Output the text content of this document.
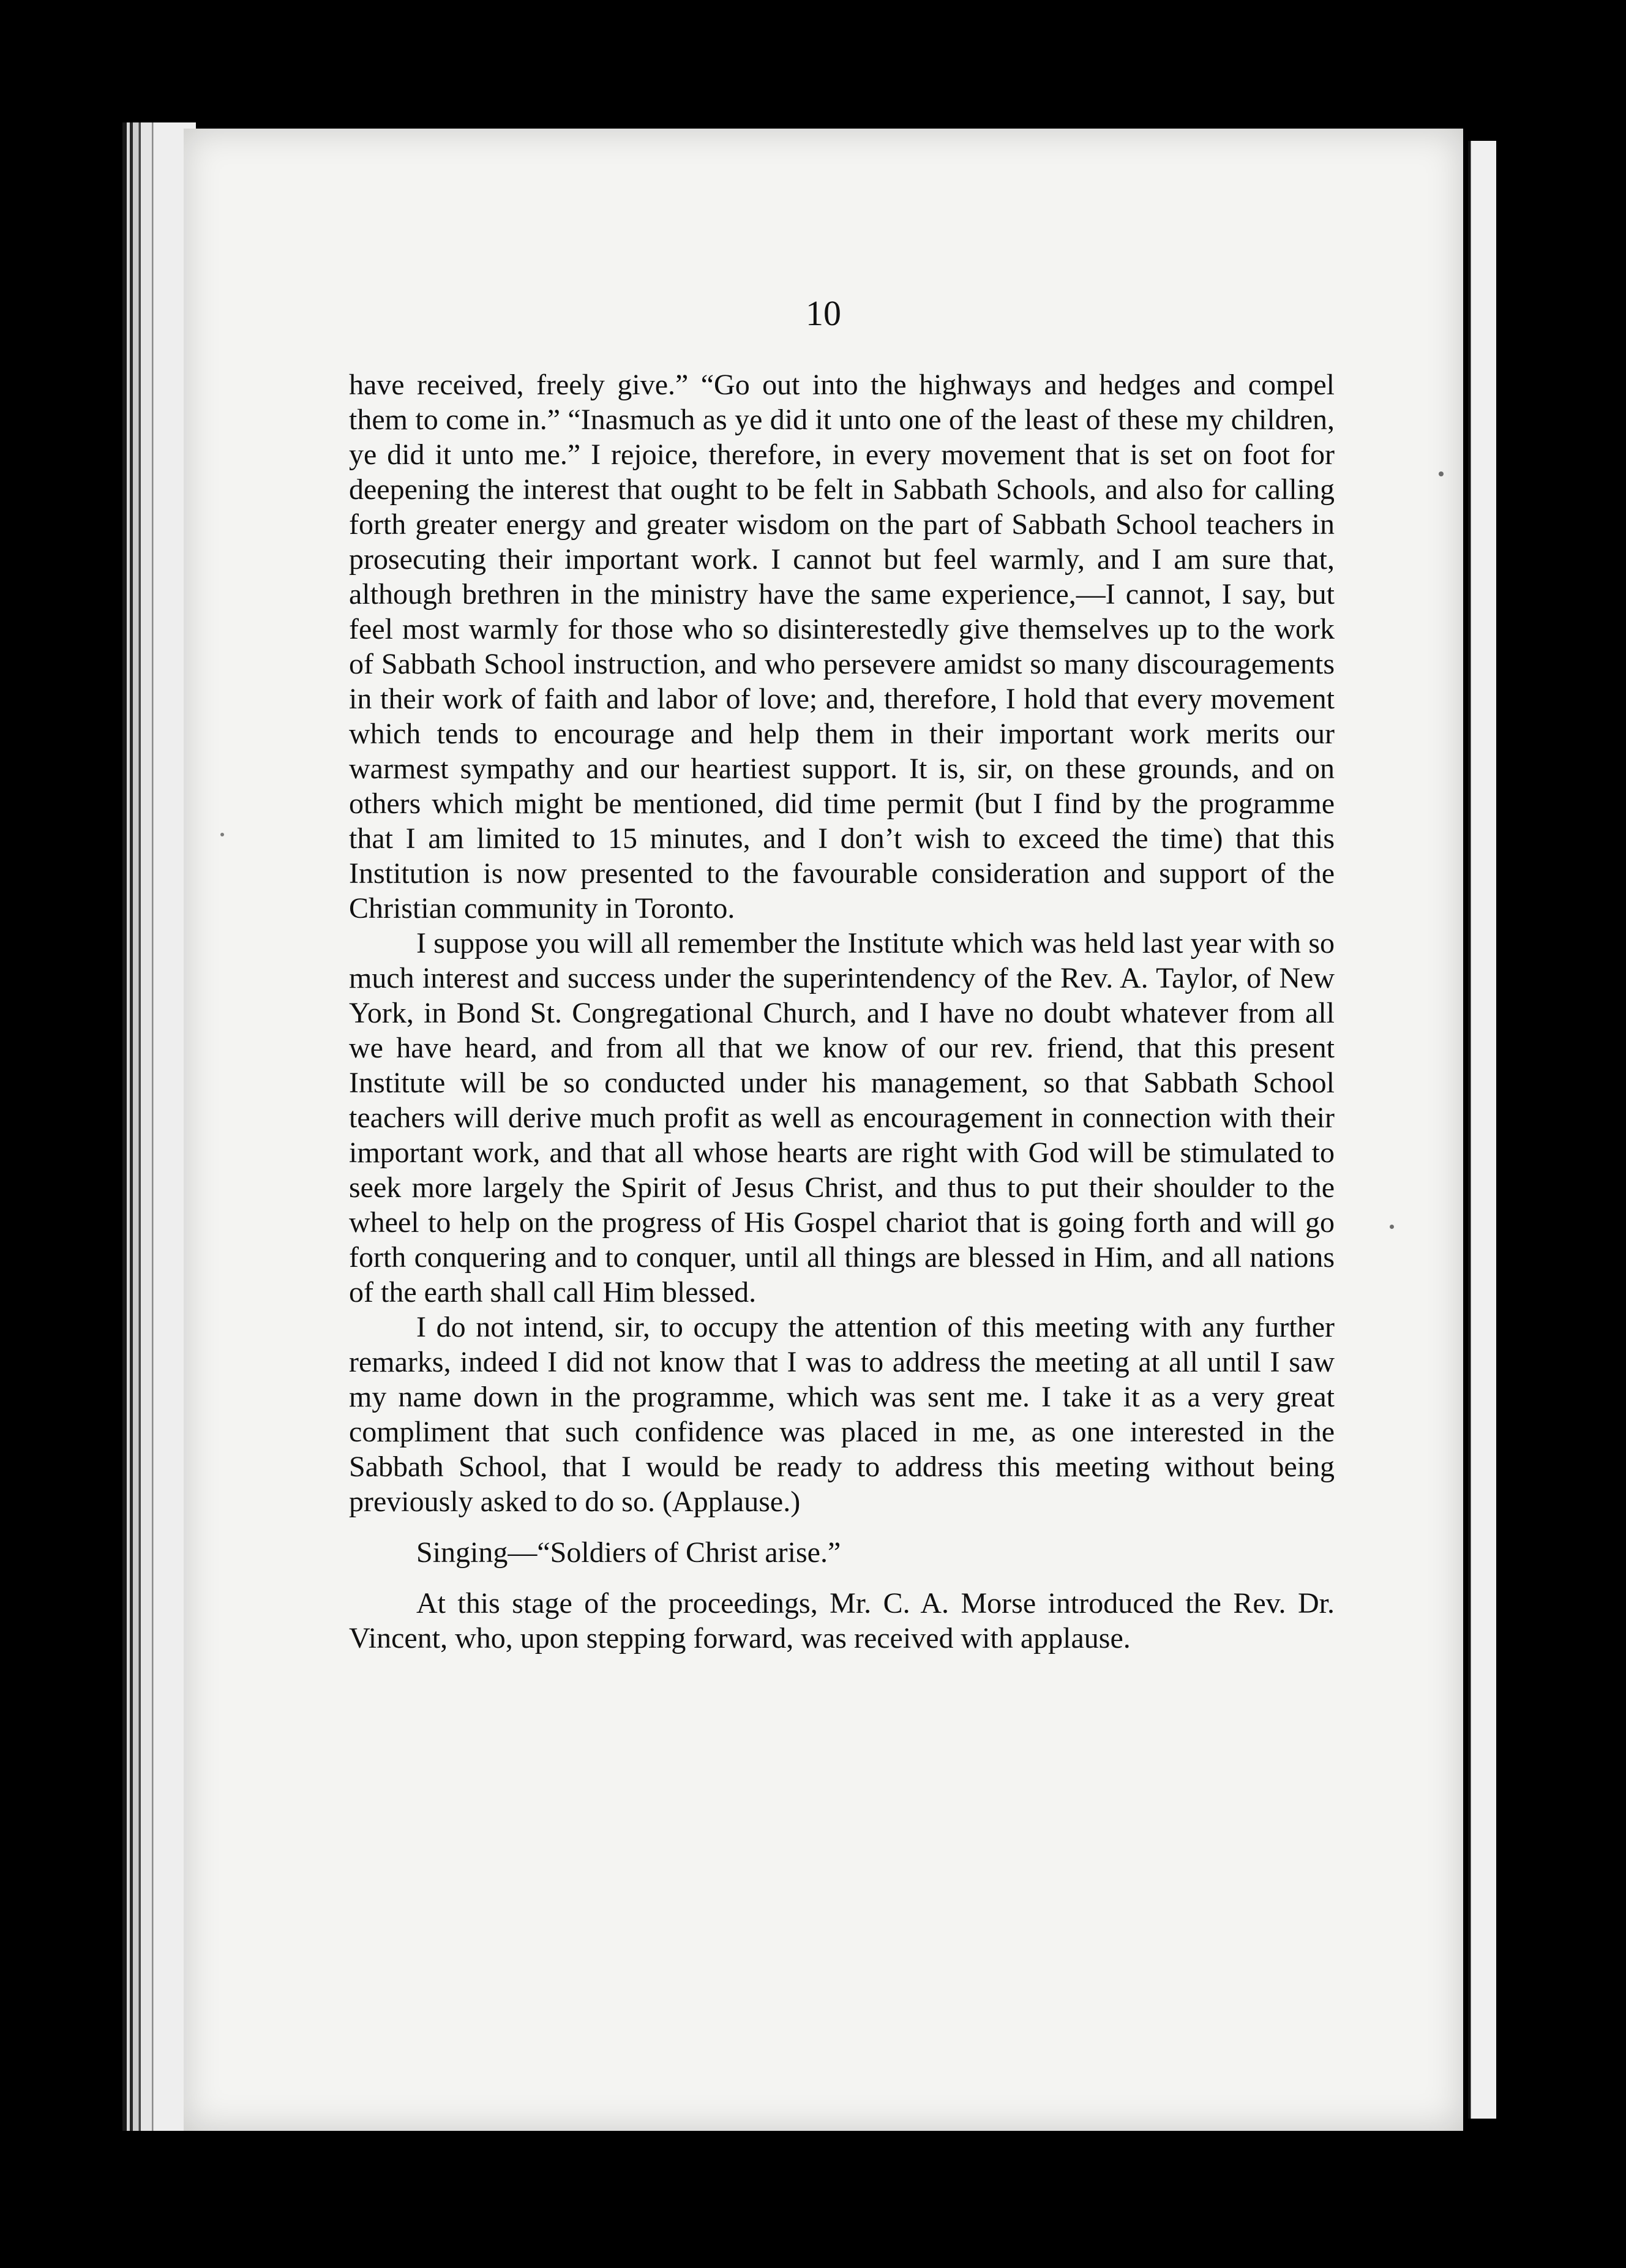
10

have received, freely give.” “Go out into the highways and hedges and compel them to come in.” “Inasmuch as ye did it unto one of the least of these my children, ye did it unto me.” I rejoice, therefore, in every movement that is set on foot for deepening the interest that ought to be felt in Sabbath Schools, and also for calling forth greater energy and greater wisdom on the part of Sabbath School teachers in prosecuting their important work. I cannot but feel warmly, and I am sure that, although brethren in the ministry have the same experience,—I cannot, I say, but feel most warmly for those who so disinterestedly give themselves up to the work of Sabbath School instruction, and who persevere amidst so many discouragements in their work of faith and labor of love; and, therefore, I hold that every movement which tends to encourage and help them in their important work merits our warmest sympathy and our heartiest support. It is, sir, on these grounds, and on others which might be mentioned, did time permit (but I find by the programme that I am limited to 15 minutes, and I don’t wish to exceed the time) that this Institution is now presented to the favourable consideration and support of the Christian community in Toronto.

I suppose you will all remember the Institute which was held last year with so much interest and success under the superintendency of the Rev. A. Taylor, of New York, in Bond St. Congregational Church, and I have no doubt whatever from all we have heard, and from all that we know of our rev. friend, that this present Institute will be so conducted under his management, so that Sabbath School teachers will derive much profit as well as encouragement in connection with their important work, and that all whose hearts are right with God will be stimulated to seek more largely the Spirit of Jesus Christ, and thus to put their shoulder to the wheel to help on the progress of His Gospel chariot that is going forth and will go forth conquering and to conquer, until all things are blessed in Him, and all nations of the earth shall call Him blessed.

I do not intend, sir, to occupy the attention of this meeting with any further remarks, indeed I did not know that I was to address the meeting at all until I saw my name down in the programme, which was sent me. I take it as a very great compliment that such confidence was placed in me, as one interested in the Sabbath School, that I would be ready to address this meeting without being previously asked to do so. (Applause.)

Singing—“Soldiers of Christ arise.”

At this stage of the proceedings, Mr. C. A. Morse introduced the Rev. Dr. Vincent, who, upon stepping forward, was received with applause.
